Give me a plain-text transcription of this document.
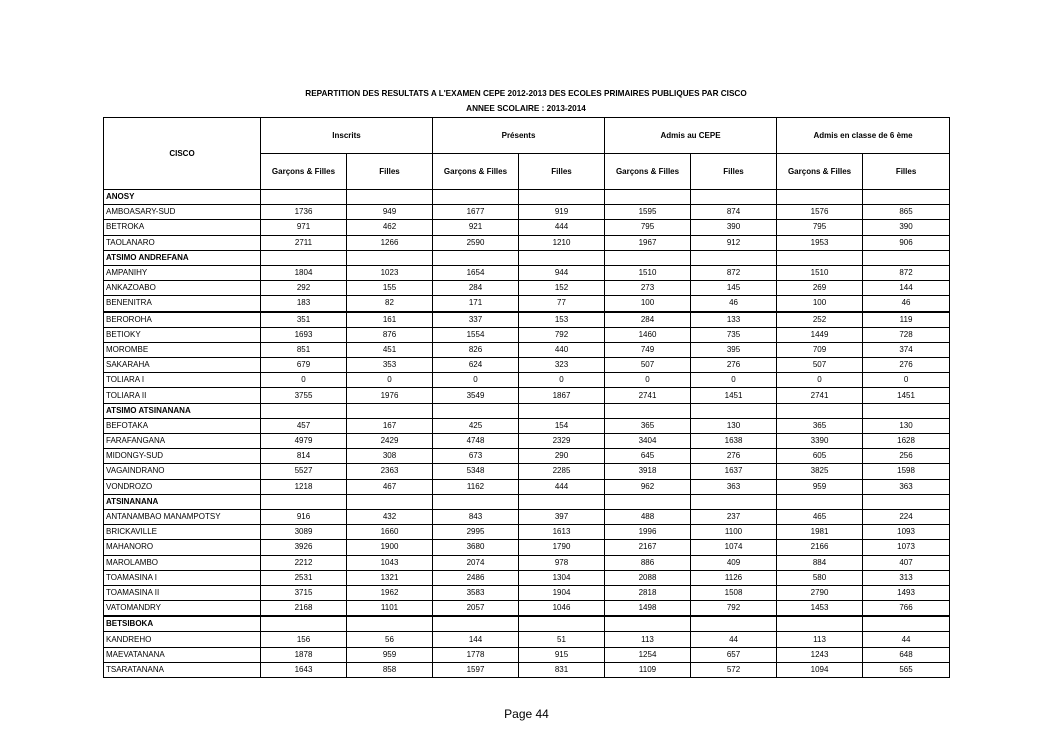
REPARTITION DES RESULTATS A L'EXAMEN CEPE 2012-2013 DES ECOLES PRIMAIRES PUBLIQUES PAR CISCO
ANNEE SCOLAIRE : 2013-2014
CISCO	Inscrits		Présents		Admis au CEPE		Admis en classe de 6 ème	
	Garçons & Filles	Filles	Garçons & Filles	Filles	Garçons & Filles	Filles	Garçons & Filles	Filles
ANOSY								
AMBOASARY-SUD	1736	949	1677	919	1595	874	1576	865
BETROKA	971	462	921	444	795	390	795	390
TAOLANARO	2711	1266	2590	1210	1967	912	1953	906
ATSIMO ANDREFANA								
AMPANIHY	1804	1023	1654	944	1510	872	1510	872
ANKAZOABO	292	155	284	152	273	145	269	144
BENENITRA	183	82	171	77	100	46	100	46
BEROROHA	351	161	337	153	284	133	252	119
BETIOKY	1693	876	1554	792	1460	735	1449	728
MOROMBE	851	451	826	440	749	395	709	374
SAKARAHA	679	353	624	323	507	276	507	276
TOLIARA I	0	0	0	0	0	0	0	0
TOLIARA II	3755	1976	3549	1867	2741	1451	2741	1451
ATSIMO ATSINANANA								
BEFOTAKA	457	167	425	154	365	130	365	130
FARAFANGANA	4979	2429	4748	2329	3404	1638	3390	1628
MIDONGY-SUD	814	308	673	290	645	276	605	256
VAGAINDRANO	5527	2363	5348	2285	3918	1637	3825	1598
VONDROZO	1218	467	1162	444	962	363	959	363
ATSINANANA								
ANTANAMBAO MANAMPOTSY	916	432	843	397	488	237	465	224
BRICKAVILLE	3089	1660	2995	1613	1996	1100	1981	1093
MAHANORO	3926	1900	3680	1790	2167	1074	2166	1073
MAROLAMBO	2212	1043	2074	978	886	409	884	407
TOAMASINA I	2531	1321	2486	1304	2088	1126	580	313
TOAMASINA II	3715	1962	3583	1904	2818	1508	2790	1493
VATOMANDRY	2168	1101	2057	1046	1498	792	1453	766
BETSIBOKA								
KANDREHO	156	56	144	51	113	44	113	44
MAEVATANANA	1878	959	1778	915	1254	657	1243	648
TSARATANANA	1643	858	1597	831	1109	572	1094	565
Page 44
